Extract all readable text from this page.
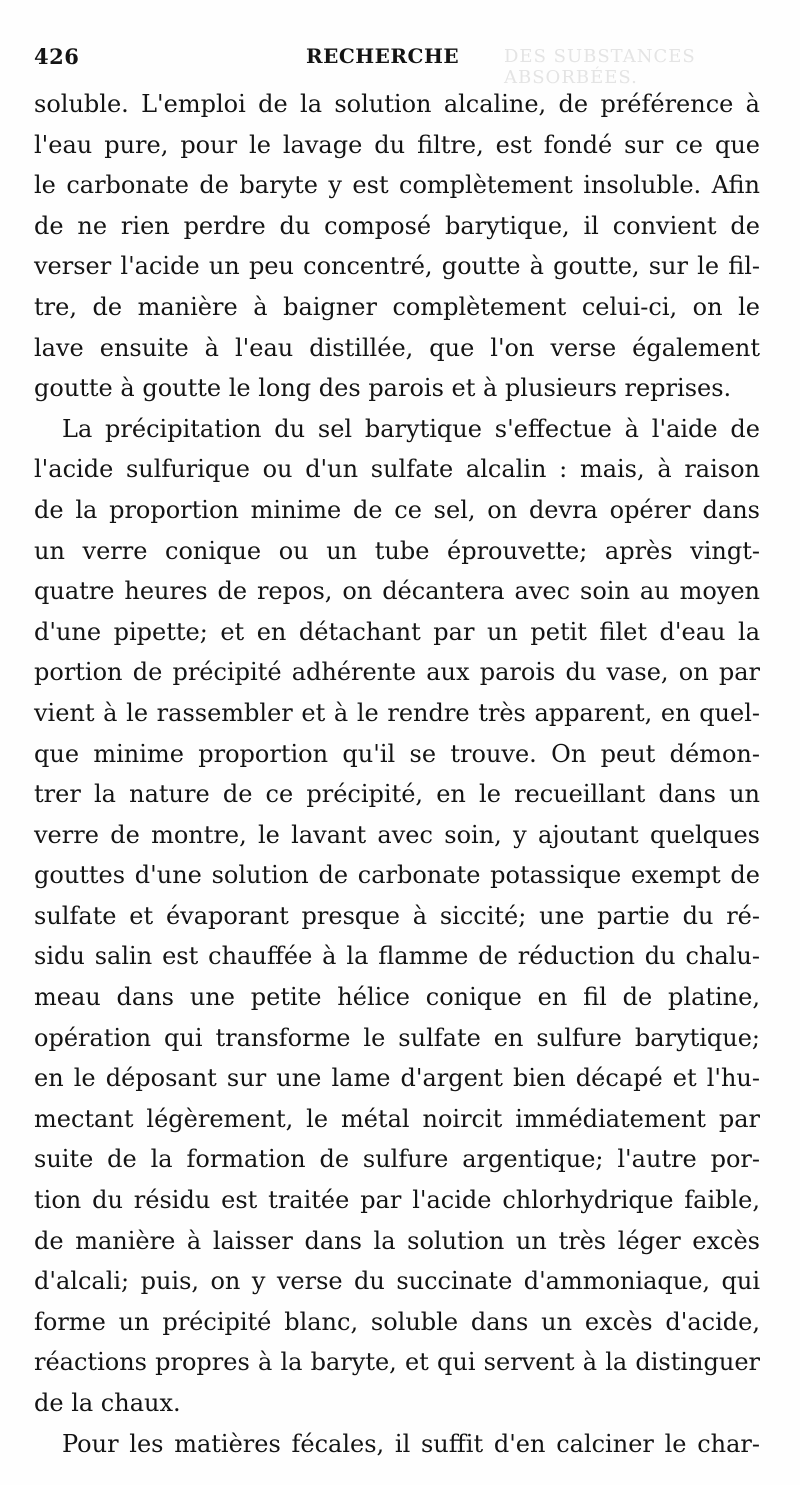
426	RECHERCHE DES SUBSTANCES ABSORBÉES.
soluble. L'emploi de la solution alcaline, de préférence à
l'eau pure, pour le lavage du filtre, est fondé sur ce que
le carbonate de baryte y est complètement insoluble. Afin
de ne rien perdre du composé barytique, il convient de
verser l'acide un peu concentré, goutte à goutte, sur le fil-
tre, de manière à baigner complètement celui-ci, on le
lave ensuite à l'eau distillée, que l'on verse également
goutte à goutte le long des parois et à plusieurs reprises.
La précipitation du sel barytique s'effectue à l'aide de
l'acide sulfurique ou d'un sulfate alcalin : mais, à raison
de la proportion minime de ce sel, on devra opérer dans
un verre conique ou un tube éprouvette; après vingt-
quatre heures de repos, on décantera avec soin au moyen
d'une pipette; et en détachant par un petit filet d'eau la
portion de précipité adhérente aux parois du vase, on par
vient à le rassembler et à le rendre très apparent, en quel-
que minime proportion qu'il se trouve. On peut démon-
trer la nature de ce précipité, en le recueillant dans un
verre de montre, le lavant avec soin, y ajoutant quelques
gouttes d'une solution de carbonate potassique exempt de
sulfate et évaporant presque à siccité; une partie du ré-
sidu salin est chauffée à la flamme de réduction du chalu-
meau dans une petite hélice conique en fil de platine,
opération qui transforme le sulfate en sulfure barytique;
en le déposant sur une lame d'argent bien décapé et l'hu-
mectant légèrement, le métal noircit immédiatement par
suite de la formation de sulfure argentique; l'autre por-
tion du résidu est traitée par l'acide chlorhydrique faible,
de manière à laisser dans la solution un très léger excès
d'alcali; puis, on y verse du succinate d'ammoniaque, qui
forme un précipité blanc, soluble dans un excès d'acide,
réactions propres à la baryte, et qui servent à la distinguer
de la chaux.
Pour les matières fécales, il suffit d'en calciner le char-
